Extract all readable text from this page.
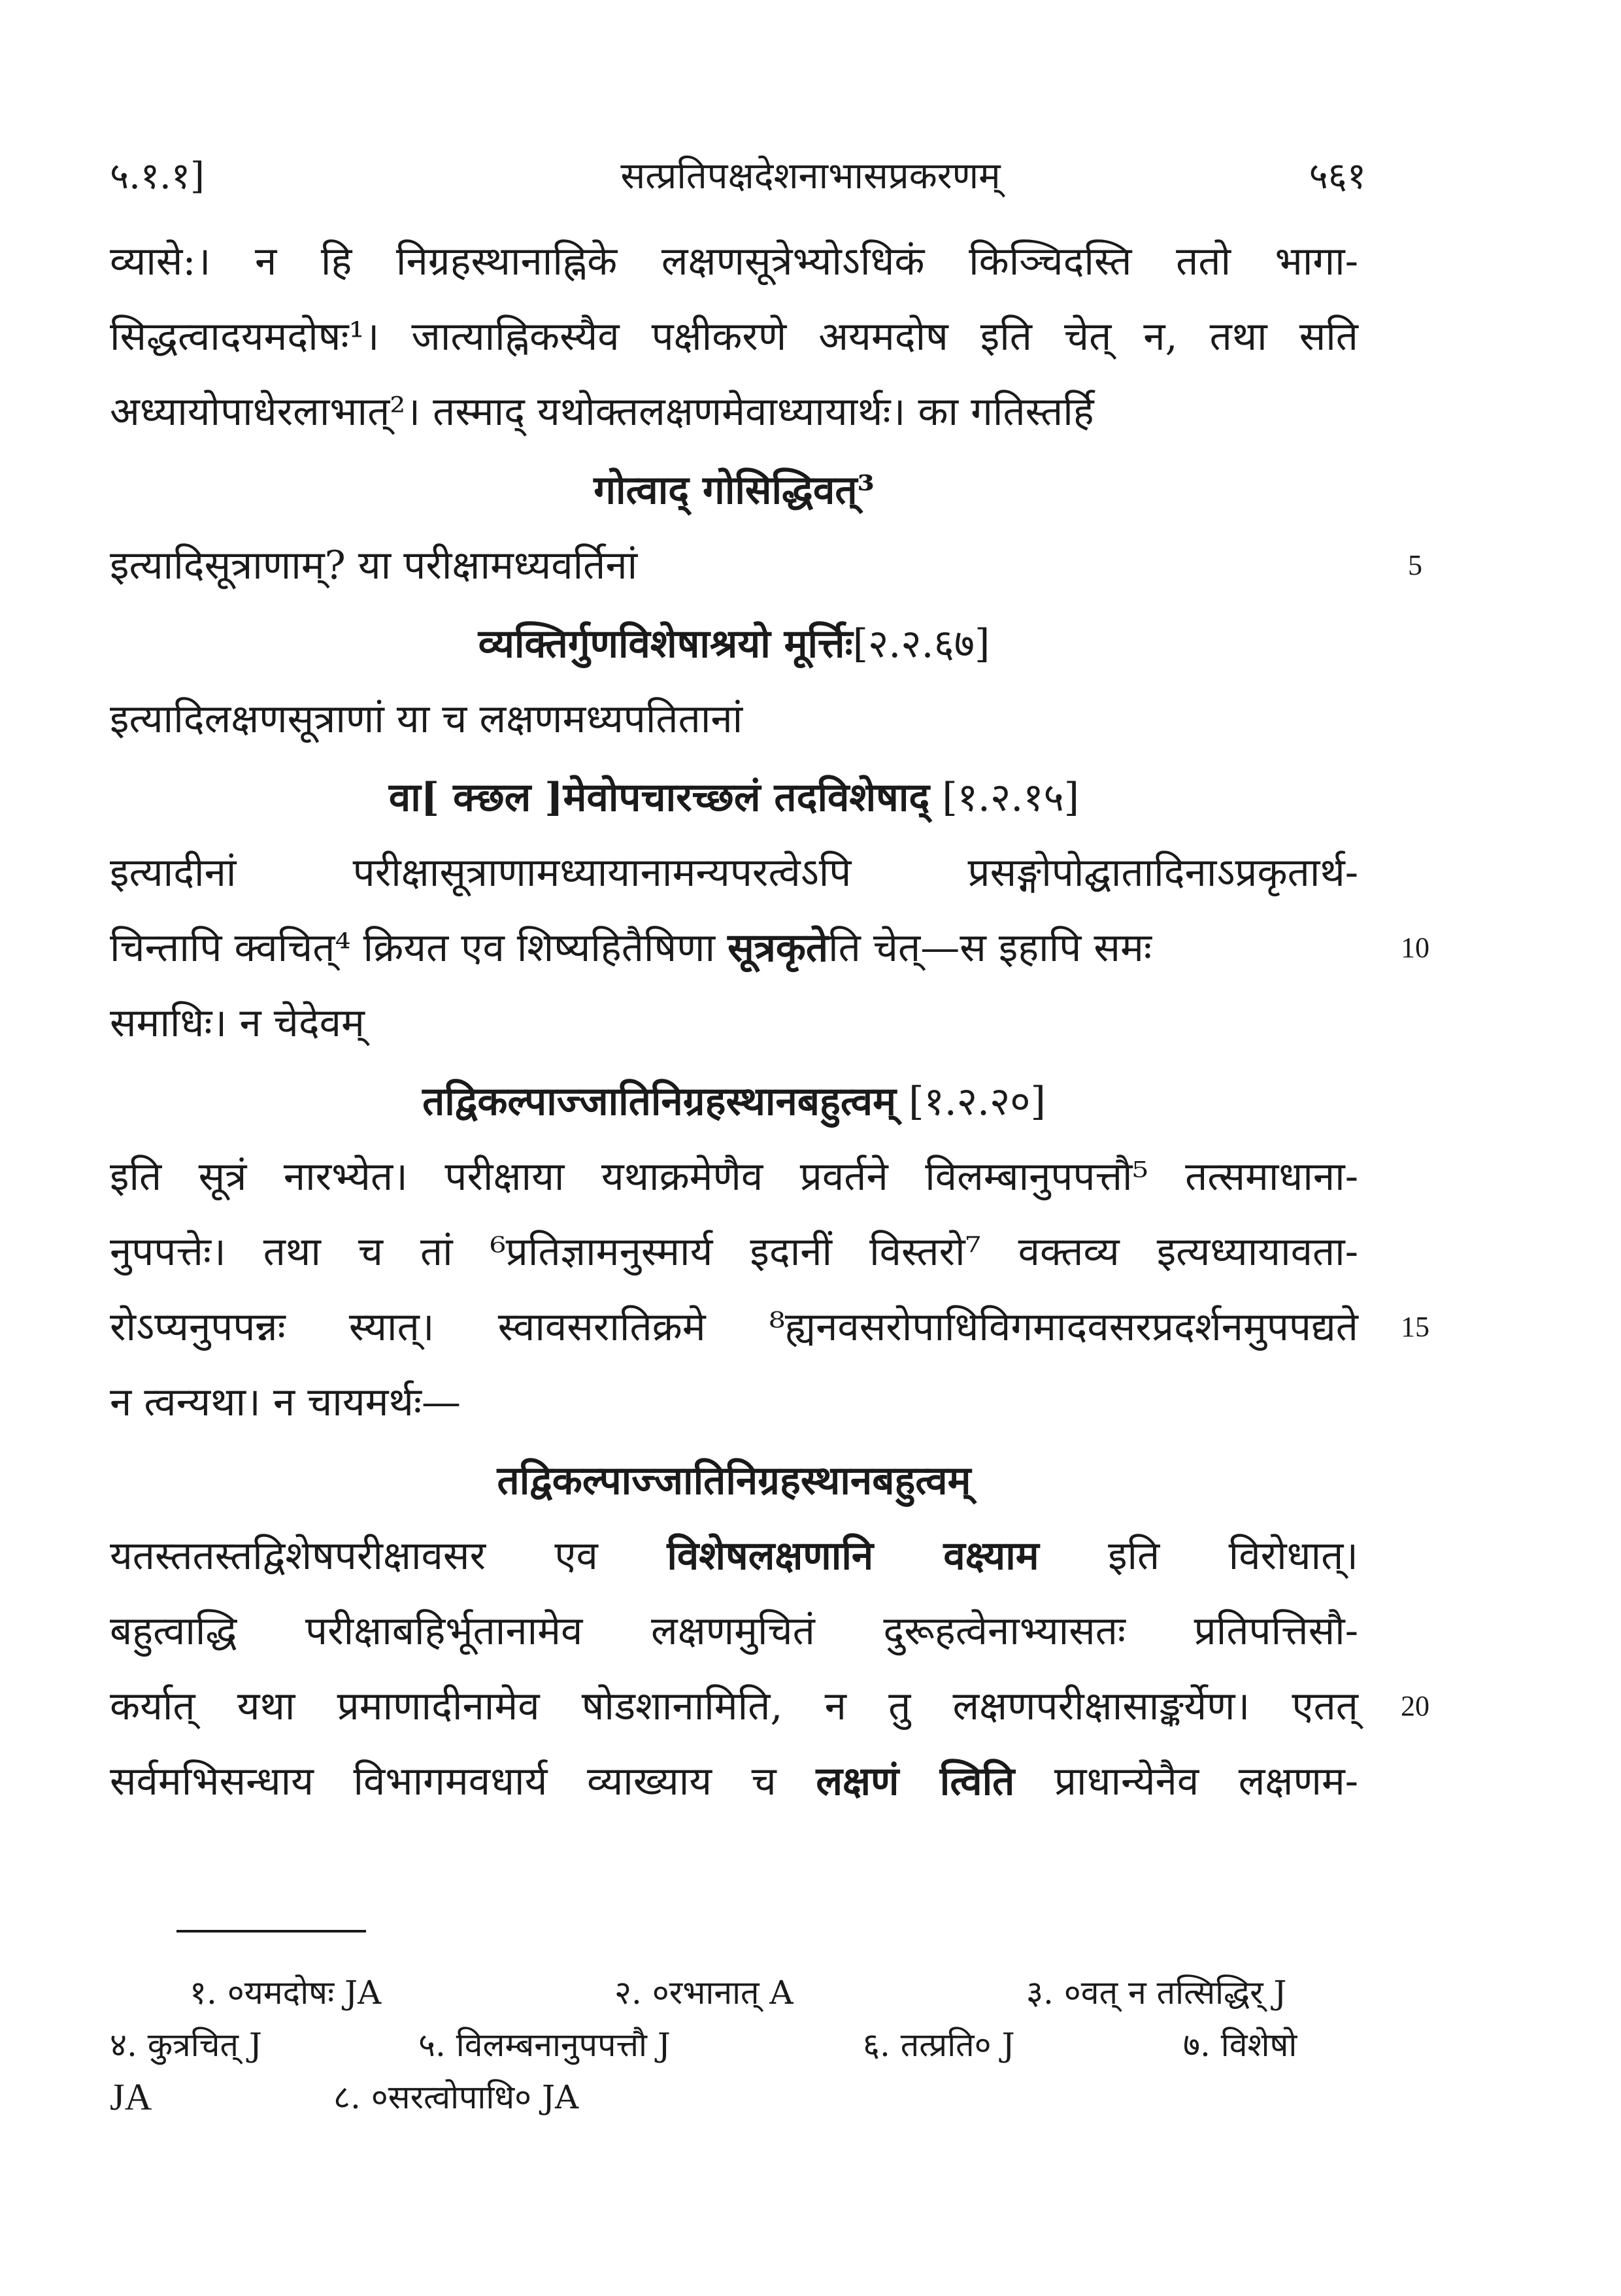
५.१.१]	सत्प्रतिपक्षदेशनाभासप्रकरणम्	५६१
व्यासे:। न हि निग्रहस्थानाह्निके लक्षणसूत्रेभ्योऽधिकं किञ्चिदस्ति ततो भागा-
सिद्धत्वादयमदोषः¹। जात्याह्निकस्यैव पक्षीकरणे अयमदोष इति चेत् न, तथा सति
अध्यायोपाधेरलाभात्²। तस्माद् यथोक्तलक्षणमेवाध्यायार्थः। का गतिस्तर्हि
गोत्वाद् गोसिद्धिवत्³
इत्यादिसूत्राणाम्? या परीक्षामध्यवर्तिनां
व्यक्तिर्गुणविशेषाश्रयो मूर्त्तिः[२.२.६७]
इत्यादिलक्षणसूत्राणां या च लक्षणमध्यपतितानां
वा[ क्छल ]मेवोपचारच्छलं तदविशेषाद् [१.२.१५]
इत्यादीनां परीक्षासूत्राणामध्यायानामन्यपरत्वेऽपि प्रसङ्गोपोद्घातादिनाऽप्रकृतार्थ-
चिन्तापि क्वचित्⁴ क्रियत एव शिष्यहितैषिणा सूत्रकृतेति चेत्—स इहापि समः
समाधिः। न चेदेवम्
तद्विकल्पाज्जातिनिग्रहस्थानबहुत्वम् [१.२.२०]
इति सूत्रं नारभ्येत। परीक्षाया यथाक्रमेणैव प्रवर्तने विलम्बानुपपत्तौ⁵ तत्समाधाना-
नुपपत्तेः। तथा च तां ⁶प्रतिज्ञामनुस्मार्य इदानीं विस्तरो⁷ वक्तव्य इत्यध्यायावता-
रोऽप्यनुपपन्नः स्यात्। स्वावसरातिक्रमे ⁸ह्यनवसरोपाधिविगमादवसरप्रदर्शनमुपपद्यते
न त्वन्यथा। न चायमर्थः—
तद्विकल्पाज्जातिनिग्रहस्थानबहुत्वम्
यतस्ततस्तद्विशेषपरीक्षावसर एव विशेषलक्षणानि वक्ष्याम इति विरोधात्।
बहुत्वाद्धि परीक्षाबहिर्भूतानामेव लक्षणमुचितं दुरूहत्वेनाभ्यासतः प्रतिपत्तिसौ-
कर्यात् यथा प्रमाणादीनामेव षोडशानामिति, न तु लक्षणपरीक्षासाङ्कर्येण। एतत्
सर्वमभिसन्धाय विभागमवधार्य व्याख्याय च लक्षणं त्विति प्राधान्येनैव लक्षणम-
5
10
15
20
१. ०यमदोषः JA	२. ०रभानात् A	३. ०वत् न तत्सिद्धिर् J
४. कुत्रचित् J	५. विलम्बनानुपपत्तौ J	६. तत्प्रति० J	७. विशेषो
JA	८. ०सरत्वोपाधि० JA
